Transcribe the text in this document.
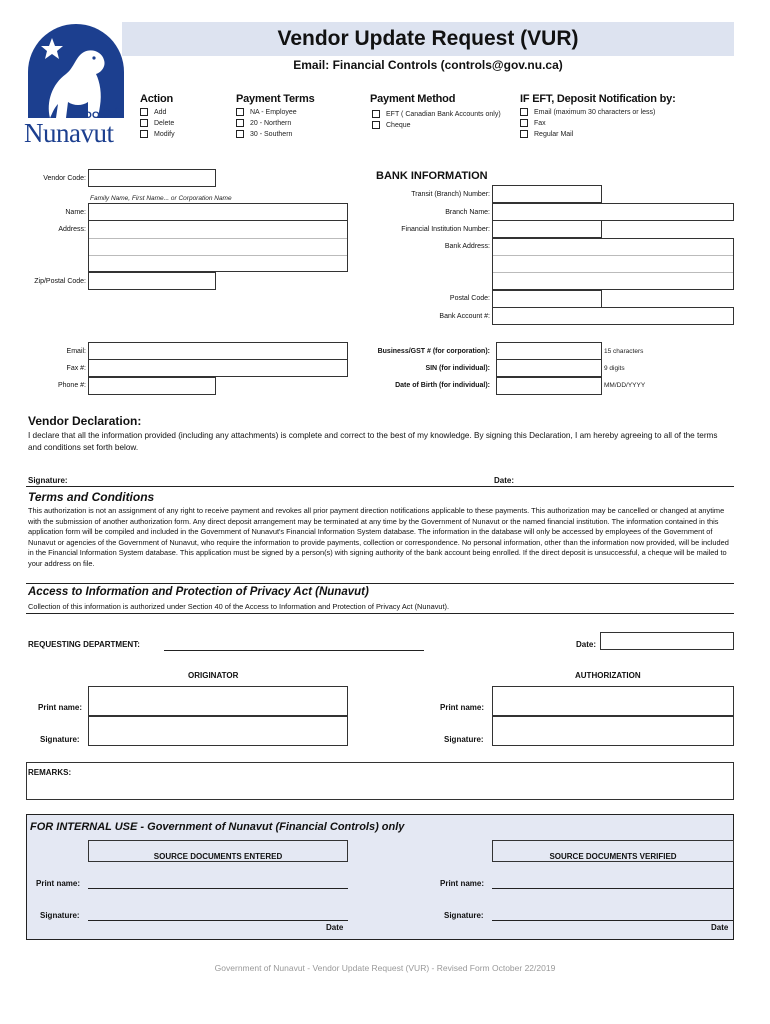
ᓄᓇᕗᑦ
Nunavut
Vendor Update Request (VUR)
Email: Financial Controls (controls@gov.nu.ca)
Action
Add
Delete
Modify
Payment Terms
NA - Employee
20 - Northern
30 - Southern
Payment Method
EFT ( Canadian Bank Accounts only)
Cheque
IF EFT, Deposit Notification by:
Email (maximum 30 characters or less)
Fax
Regular Mail
Vendor Code:
Family Name, First Name... or Corporation Name
Name:
Address:
Zip/Postal Code:
Email:
Fax #:
Phone #:
BANK INFORMATION
Transit (Branch) Number:
Branch Name:
Financial Institution Number:
Bank Address:
Postal Code:
Bank Account #:
Business/GST # (for corporation):	15 characters
SIN (for individual):	9 digits
Date of Birth (for individual):	MM/DD/YYYY
Vendor Declaration:
I declare that all the information provided (including any attachments) is complete and correct to the best of my knowledge. By signing this Declaration, I am hereby agreeing to all of the terms and conditions set forth below.
Signature:	Date:
Terms and Conditions
This authorization is not an assignment of any right to receive payment and revokes all prior payment direction notifications applicable to these payments. This authorization may be cancelled or changed at anytime with the submission of another authorization form. Any direct deposit arrangement may be terminated at any time by the Government of Nunavut or the named financial institution. The information contained in this application form will be compiled and included in the Government of Nunavut's Financial Information System database. The information in the database will only be accessed by employees of the Government of Nunavut or agencies of the Government of Nunavut, who require the information to provide payments, collection or correspondence. No personal information, other than the information now provided, will be included in the Financial Information System database. This application must be signed by a person(s) with signing authority of the bank account being enrolled. If the direct deposit is unsuccessful, a cheque will be mailed to your address on file.
Access to Information and Protection of Privacy Act (Nunavut)
Collection of this information is authorized under Section 40 of the Access to Information and Protection of Privacy Act (Nunavut).
REQUESTING DEPARTMENT:	Date:
ORIGINATOR	AUTHORIZATION
Print name:
Signature:
Print name:
Signature:
REMARKS:
FOR INTERNAL USE - Government of Nunavut (Financial Controls) only
SOURCE DOCUMENTS ENTERED	SOURCE DOCUMENTS VERIFIED
Print name:
Signature:
Date
Print name:
Signature:
Date
Government of Nunavut - Vendor Update Request (VUR) - Revised Form October 22/2019
